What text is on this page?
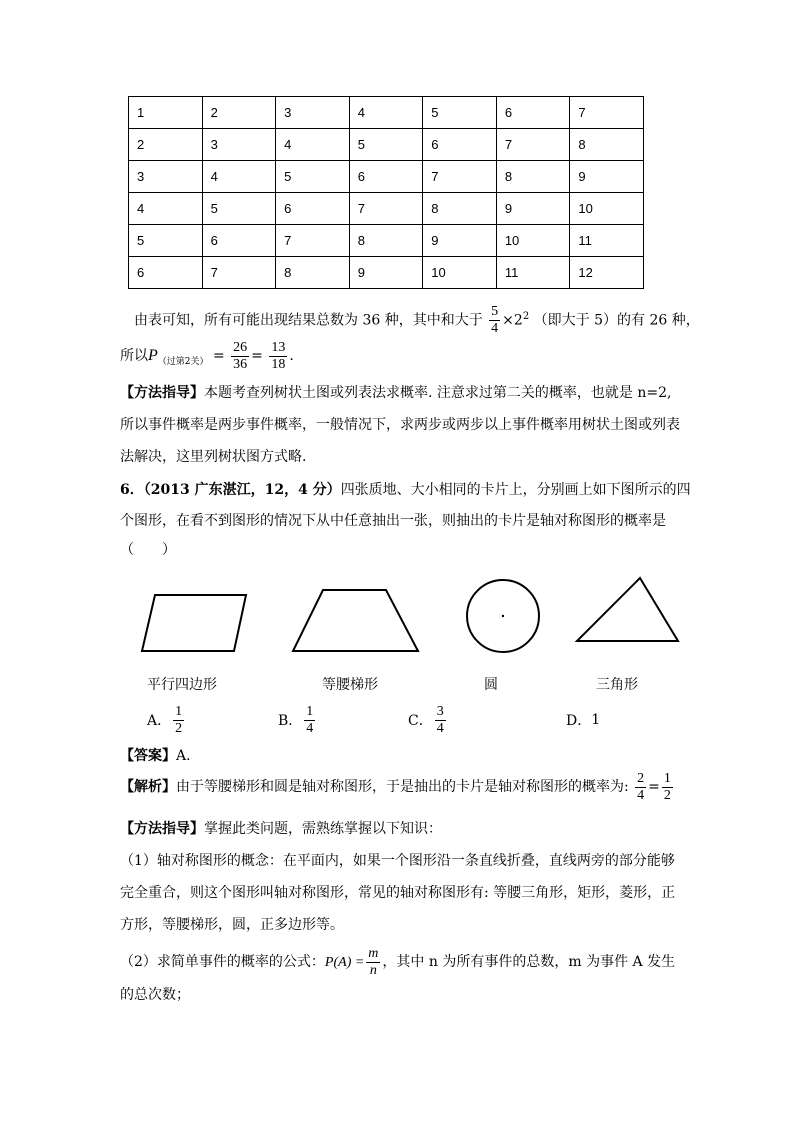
1	2	3	4	5	6	7
2	3	4	5	6	7	8
3	4	5	6	7	8	9
4	5	6	7	8	9	10
5	6	7	8	9	10	11
6	7	8	9	10	11	12
由表可知，所有可能出现结果总数为 36 种，其中和大于 $\frac{5}{4} \times 2^2$ （即大于 5）的有 26 种，
所以$P_{(过第2关)} = \frac{26}{36} = \frac{13}{18}$ .
【方法指导】本题考查列树状土图或列表法求概率. 注意求过第二关的概率，也就是 n=2,
所以事件概率是两步事件概率，一般情况下，求两步或两步以上事件概率用树状土图或列表
法解决，这里列树状图方式略.
6．（2013 广东湛江，12，4 分）四张质地、大小相同的卡片上，分别画上如下图所示的四
个图形，在看不到图形的情况下从中任意抽出一张，则抽出的卡片是轴对称图形的概率是
（　　）
平行四边形	等腰梯形	圆	三角形
A． $\frac{1}{2}$	B． $\frac{1}{4}$	C． $\frac{3}{4}$	D． 1
【答案】A.
【解析】由于等腰梯形和圆是轴对称图形，于是抽出的卡片是轴对称图形的概率为: $\frac{2}{4} = \frac{1}{2}$
【方法指导】掌握此类问题，需熟练掌握以下知识：
（1）轴对称图形的概念：在平面内，如果一个图形沿一条直线折叠，直线两旁的部分能够
完全重合，则这个图形叫轴对称图形，常见的轴对称图形有: 等腰三角形，矩形，菱形，正
方形，等腰梯形，圆，正多边形等。
（2）求简单事件的概率的公式：$P(A) = \frac{m}{n}$ ，其中 n 为所有事件的总数，m 为事件 A 发生
的总次数；
